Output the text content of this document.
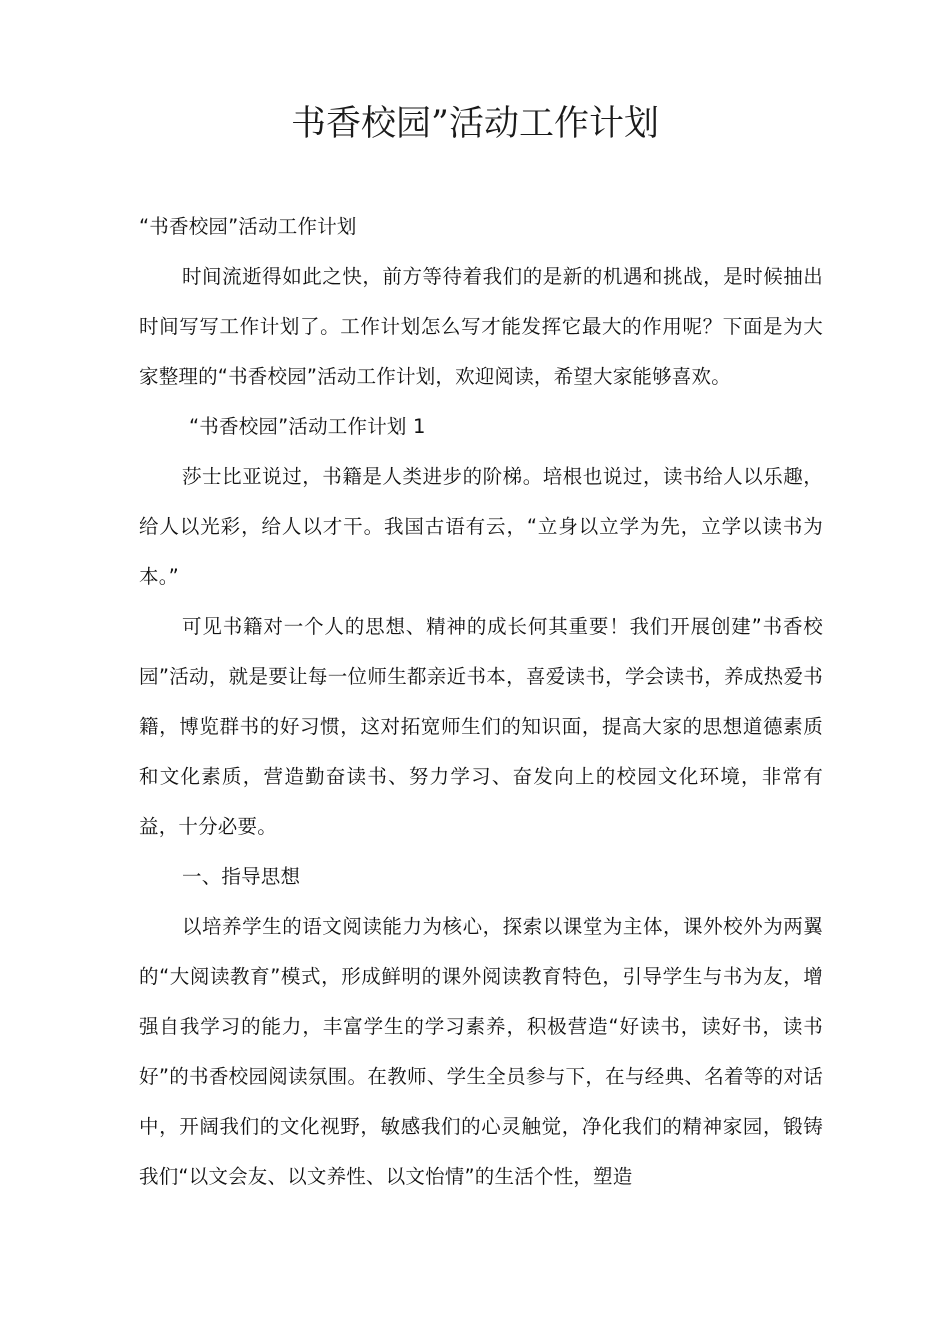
书香校园”活动工作计划

“书香校园”活动工作计划

时间流逝得如此之快，前方等待着我们的是新的机遇和挑战，是时候抽出时间写写工作计划了。工作计划怎么写才能发挥它最大的作用呢？下面是为大家整理的“书香校园”活动工作计划，欢迎阅读，希望大家能够喜欢。

“书香校园”活动工作计划 1

莎士比亚说过，书籍是人类进步的阶梯。培根也说过，读书给人以乐趣，给人以光彩，给人以才干。我国古语有云，“立身以立学为先，立学以读书为本。”

可见书籍对一个人的思想、精神的成长何其重要！我们开展创建”书香校园”活动，就是要让每一位师生都亲近书本，喜爱读书，学会读书，养成热爱书籍，博览群书的好习惯，这对拓宽师生们的知识面，提高大家的思想道德素质和文化素质，营造勤奋读书、努力学习、奋发向上的校园文化环境，非常有益，十分必要。

一、指导思想

以培养学生的语文阅读能力为核心，探索以课堂为主体，课外校外为两翼的“大阅读教育”模式，形成鲜明的课外阅读教育特色，引导学生与书为友，增强自我学习的能力，丰富学生的学习素养，积极营造“好读书，读好书，读书好”的书香校园阅读氛围。在教师、学生全员参与下，在与经典、名着等的对话中，开阔我们的文化视野，敏感我们的心灵触觉，净化我们的精神家园，锻铸我们“以文会友、以文养性、以文怡情”的生活个性，塑造
